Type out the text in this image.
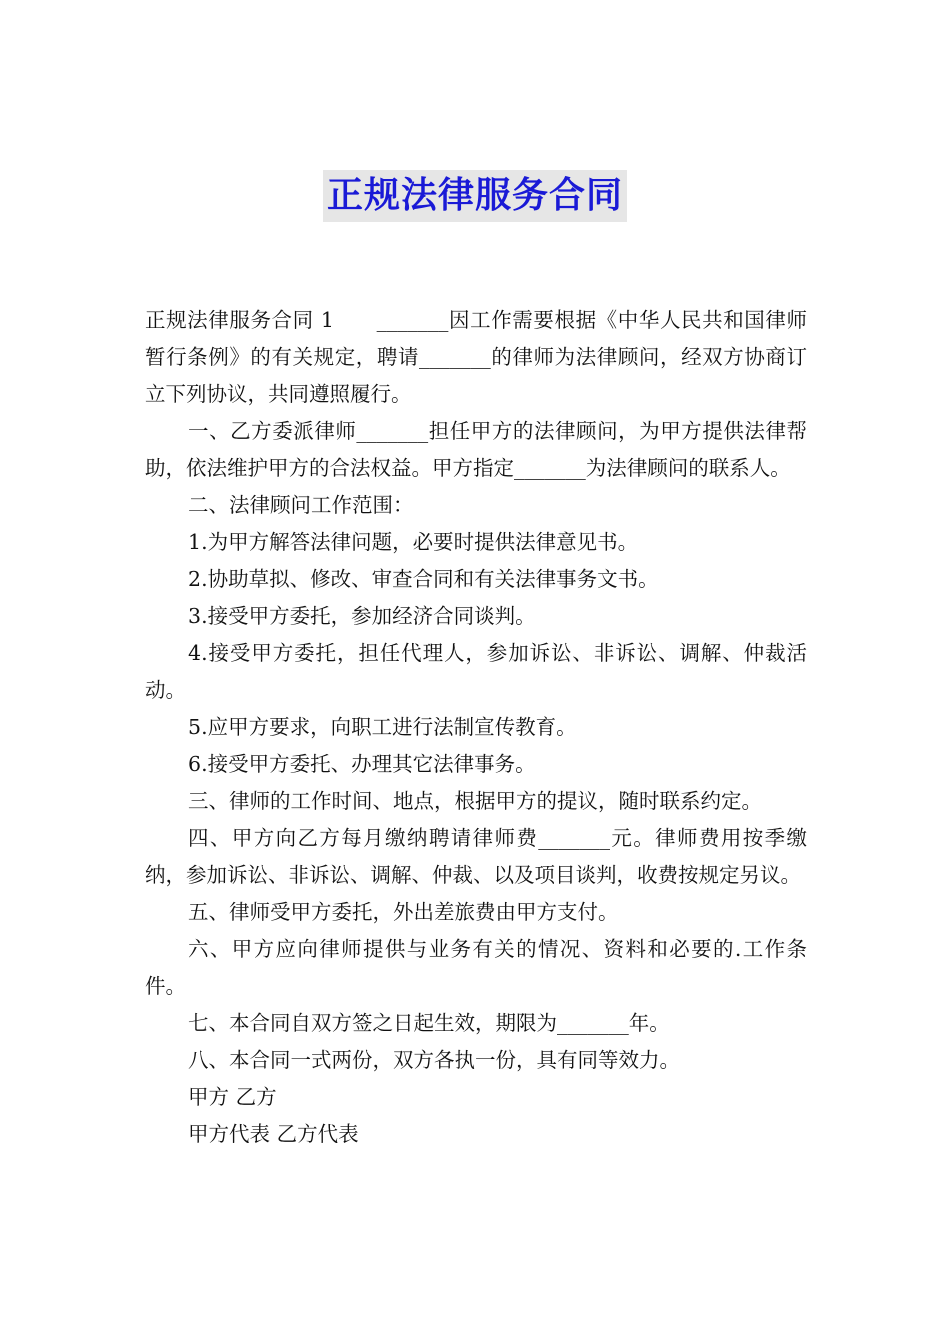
正规法律服务合同

正规法律服务合同 1　　_______因工作需要根据《中华人民共和国律师暂行条例》的有关规定，聘请_______的律师为法律顾问，经双方协商订立下列协议，共同遵照履行。

一、乙方委派律师_______担任甲方的法律顾问，为甲方提供法律帮助，依法维护甲方的合法权益。甲方指定_______为法律顾问的联系人。

二、法律顾问工作范围：

1.为甲方解答法律问题，必要时提供法律意见书。

2.协助草拟、修改、审查合同和有关法律事务文书。

3.接受甲方委托，参加经济合同谈判。

4.接受甲方委托，担任代理人，参加诉讼、非诉讼、调解、仲裁活动。

5.应甲方要求，向职工进行法制宣传教育。

6.接受甲方委托、办理其它法律事务。

三、律师的工作时间、地点，根据甲方的提议，随时联系约定。

四、甲方向乙方每月缴纳聘请律师费_______元。律师费用按季缴纳，参加诉讼、非诉讼、调解、仲裁、以及项目谈判，收费按规定另议。

五、律师受甲方委托，外出差旅费由甲方支付。

六、甲方应向律师提供与业务有关的情况、资料和必要的.工作条件。

七、本合同自双方签之日起生效，期限为_______年。

八、本合同一式两份，双方各执一份，具有同等效力。

甲方 乙方

甲方代表 乙方代表
